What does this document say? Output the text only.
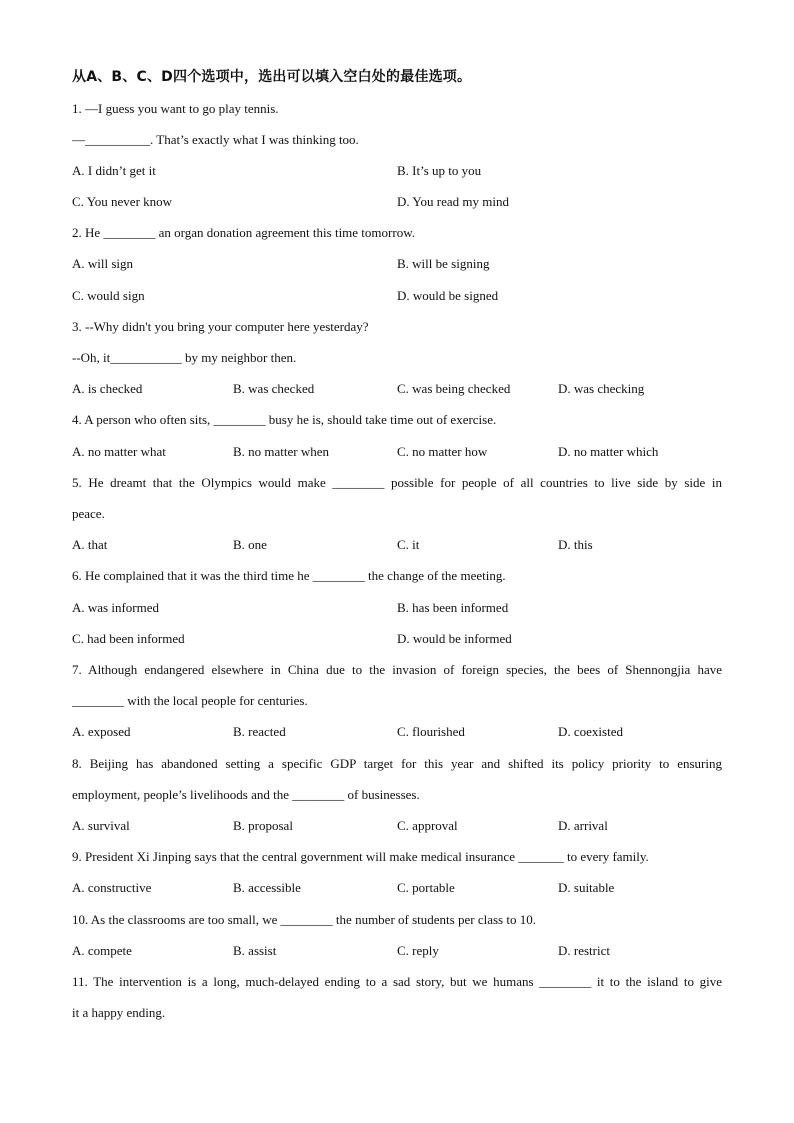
从A、B、C、D四个选项中，选出可以填入空白处的最佳选项。
1. —I guess you want to go play tennis.
—__________. That’s exactly what I was thinking too.
A. I didn’t get it	B. It’s up to you
C. You never know	D. You read my mind
2. He ________ an organ donation agreement this time tomorrow.
A. will sign	B. will be signing
C. would sign	D. would be signed
3. --Why didn't you bring your computer here yesterday?
--Oh, it___________ by my neighbor then.
A. is checked	B. was checked	C. was being checked	D. was checking
4. A person who often sits, ________ busy he is, should take time out of exercise.
A. no matter what	B. no matter when	C. no matter how	D. no matter which
5. He dreamt that the Olympics would make ________ possible for people of all countries to live side by side in
peace.
A. that	B. one	C. it	D. this
6. He complained that it was the third time he ________ the change of the meeting.
A. was informed	B. has been informed
C. had been informed	D. would be informed
7. Although endangered elsewhere in China due to the invasion of foreign species, the bees of Shennongjia have
________ with the local people for centuries.
A. exposed	B. reacted	C. flourished	D. coexisted
8. Beijing has abandoned setting a specific GDP target for this year and shifted its policy priority to ensuring
employment, people’s livelihoods and the ________ of businesses.
A. survival	B. proposal	C. approval	D. arrival
9. President Xi Jinping says that the central government will make medical insurance _______ to every family.
A. constructive	B. accessible	C. portable	D. suitable
10. As the classrooms are too small, we ________ the number of students per class to 10.
A. compete	B. assist	C. reply	D. restrict
11. The intervention is a long, much-delayed ending to a sad story, but we humans ________ it to the island to give
it a happy ending.
